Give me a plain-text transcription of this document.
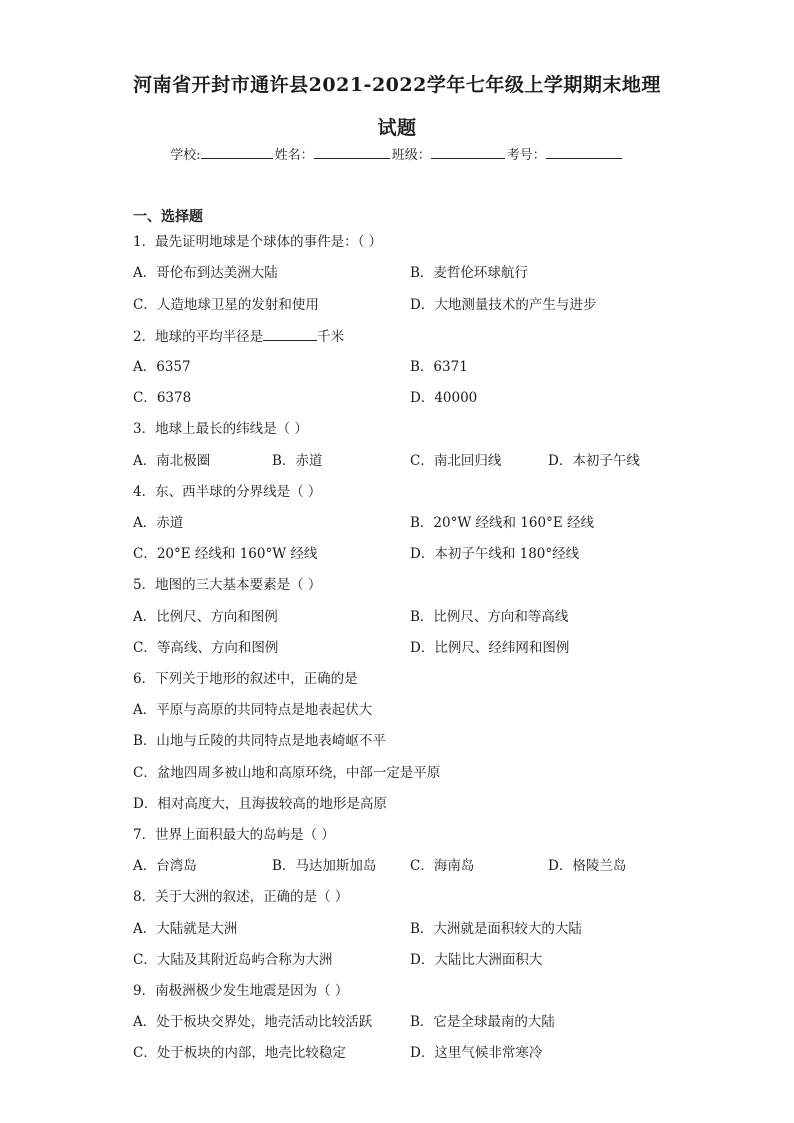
河南省开封市通许县2021-2022学年七年级上学期期末地理
试题
学校:	姓名：	班级：	考号：
一、选择题
1．最先证明地球是个球体的事件是：（ ）
A．哥伦布到达美洲大陆	B．麦哲伦环球航行
C．人造地球卫星的发射和使用	D．大地测量技术的产生与进步
2．地球的平均半径是	千米
A．6357	B．6371
C．6378	D．40000
3．地球上最长的纬线是（ ）
A．南北极圈	B．赤道	C．南北回归线	D．本初子午线
4．东、西半球的分界线是（ ）
A．赤道	B．20°W 经线和 160°E 经线
C．20°E 经线和 160°W 经线	D．本初子午线和 180°经线
5．地图的三大基本要素是（ ）
A．比例尺、方向和图例	B．比例尺、方向和等高线
C．等高线、方向和图例	D．比例尺、经纬网和图例
6．下列关于地形的叙述中，正确的是
A．平原与高原的共同特点是地表起伏大
B．山地与丘陵的共同特点是地表崎岖不平
C．盆地四周多被山地和高原环绕，中部一定是平原
D．相对高度大，且海拔较高的地形是高原
7．世界上面积最大的岛屿是（ ）
A．台湾岛	B．马达加斯加岛 C．海南岛	D．格陵兰岛
8．关于大洲的叙述，正确的是（ ）
A．大陆就是大洲	B．大洲就是面积较大的大陆
C．大陆及其附近岛屿合称为大洲	D．大陆比大洲面积大
9．南极洲极少发生地震是因为（ ）
A．处于板块交界处，地壳活动比较活跃	B．它是全球最南的大陆
C．处于板块的内部，地壳比较稳定	D．这里气候非常寒冷
